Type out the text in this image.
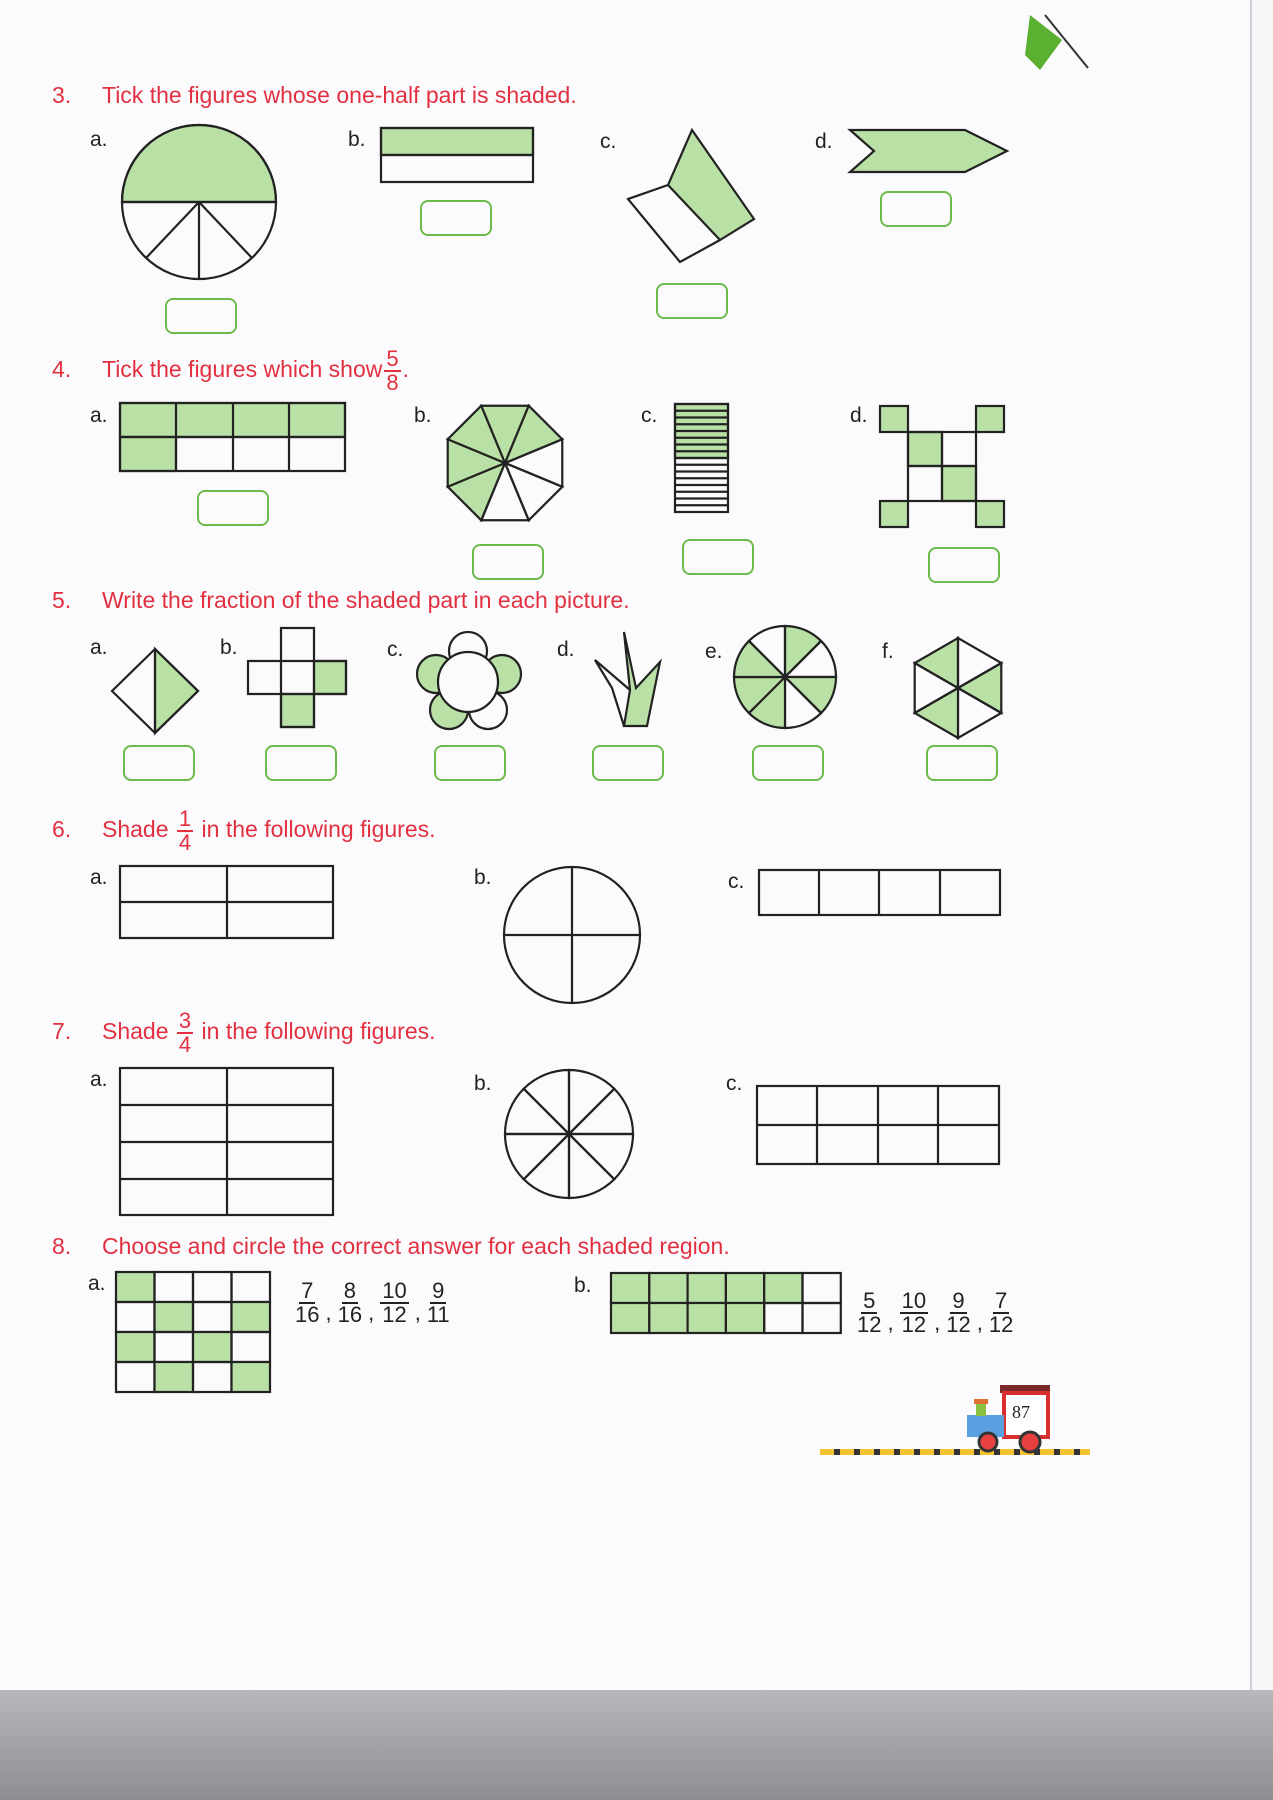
3. Tick the figures whose one-half part is shaded.
a.	b.	c.	d.
4. Tick the figures which show $\frac{5}{8}$ .
a.	b.	c.	d.
5. Write the fraction of the shaded part in each picture.
a.	b.	c.	d.	e.	f.
6. Shade $\frac{1}{4}$ in the following figures.
a.	b.	c.
7. Shade $\frac{3}{4}$ in the following figures.
a.	b.	c.
8. Choose and circle the correct answer for each shaded region.
a.	b.
$\frac{7}{16}$ , $\frac{8}{16}$ , $\frac{10}{12}$ , $\frac{9}{11}$	$\frac{5}{12}$ , $\frac{10}{12}$ , $\frac{9}{12}$ , $\frac{7}{12}$
87
